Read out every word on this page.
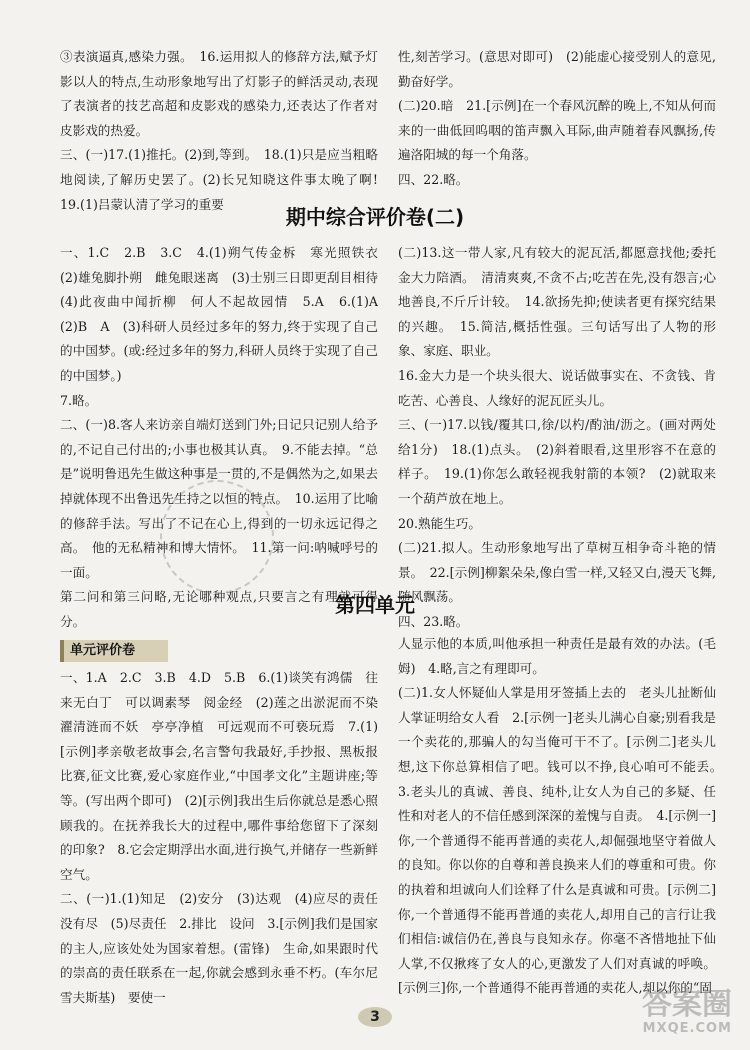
③表演逼真,感染力强。　16.运用拟人的修辞方法,赋予灯影以人的特点,生动形象地写出了灯影子的鲜活灵动,表现了表演者的技艺高超和皮影戏的感染力,还表达了作者对皮影戏的热爱。

三、(一)17.(1)推托。(2)到,等到。　18.(1)只是应当粗略地阅读,了解历史罢了。(2)长兄知晓这件事太晚了啊!　19.(1)吕蒙认清了学习的重要

性,刻苦学习。(意思对即可)　(2)能虚心接受别人的意见,勤奋好学。

(二)20.暗　21.[示例]在一个春风沉醉的晚上,不知从何而来的一曲低回呜咽的笛声飘入耳际,曲声随着春风飘扬,传遍洛阳城的每一个角落。

四、22.略。

期中综合评价卷(二)

一、1.C　2.B　3.C　4.(1)朔气传金柝　寒光照铁衣　(2)雄兔脚扑朔　雌兔眼迷离　(3)士别三日即更刮目相待　(4)此夜曲中闻折柳　何人不起故园情　5.A　6.(1)A　(2)B　A　(3)科研人员经过多年的努力,终于实现了自己的中国梦。(或:经过多年的努力,科研人员终于实现了自己的中国梦。)

7.略。

二、(一)8.客人来访亲自端灯送到门外;日记只记别人给予的,不记自己付出的;小事也极其认真。　9.不能去掉。“总是”说明鲁迅先生做这种事是一贯的,不是偶然为之,如果去掉就体现不出鲁迅先生持之以恒的特点。　10.运用了比喻的修辞手法。写出了不记在心上,得到的一切永远记得之高。　他的无私精神和博大情怀。　11.第一问:呐喊呼号的一面。

第二问和第三问略,无论哪种观点,只要言之有理就可得分。

(二)13.这一带人家,凡有较大的泥瓦活,都愿意找他;委托金大力陪酒。　清清爽爽,不贪不占;吃苦在先,没有怨言;心地善良,不斤斤计较。　14.欲扬先抑;使读者更有探究结果的兴趣。　15.简洁,概括性强。三句话写出了人物的形象、家庭、职业。

16.金大力是一个块头很大、说话做事实在、不贪钱、肯吃苦、心善良、人缘好的泥瓦匠头儿。

三、(一)17.以钱/覆其口,徐/以杓/酌油/沥之。(画对两处给1分)　18.(1)点头。　(2)斜着眼看,这里形容不在意的样子。　19.(1)你怎么敢轻视我射箭的本领?　(2)就取来一个葫芦放在地上。

20.熟能生巧。

(二)21.拟人。生动形象地写出了草树互相争奇斗艳的情景。　22.[示例]柳絮朵朵,像白雪一样,又轻又白,漫天飞舞,随风飘荡。

四、23.略。

第四单元
单元评价卷

一、1.A　2.C　3.B　4.D　5.B　6.(1)谈笑有鸿儒　往来无白丁　可以调素琴　阅金经　(2)莲之出淤泥而不染　濯清涟而不妖　亭亭净植　可远观而不可亵玩焉　7.(1)[示例]孝亲敬老故事会,名言警句我最好,手抄报、黑板报比赛,征文比赛,爱心家庭作业,“中国孝文化”主题讲座;等等。(写出两个即可)　(2)[示例]我出生后你就总是悉心照顾我的。在抚养我长大的过程中,哪件事给您留下了深刻的印象?　8.它会定期浮出水面,进行换气,并储存一些新鲜空气。

二、(一)1.(1)知足　(2)安分　(3)达观　(4)应尽的责任没有尽　(5)尽责任　2.排比　设问　3.[示例]我们是国家的主人,应该处处为国家着想。(雷锋)　生命,如果跟时代的崇高的责任联系在一起,你就会感到永垂不朽。(车尔尼雪夫斯基)　要使一

人显示他的本质,叫他承担一种责任是最有效的办法。(毛姆)　4.略,言之有理即可。

(二)1.女人怀疑仙人掌是用牙签插上去的　老头儿扯断仙人掌证明给女人看　2.[示例一]老头儿满心自豪;别看我是一个卖花的,那骗人的勾当俺可干不了。[示例二]老头儿想,这下你总算相信了吧。钱可以不挣,良心咱可不能丢。　3.老头儿的真诚、善良、纯朴,让女人为自己的多疑、任性和对老人的不信任感到深深的羞愧与自责。　4.[示例一]你,一个普通得不能再普通的卖花人,却倔强地坚守着做人的良知。你以你的自尊和善良换来人们的尊重和可贵。你的执着和坦诚向人们诠释了什么是真诚和可贵。[示例二]你,一个普通得不能再普通的卖花人,却用自己的言行让我们相信:诚信仍在,善良与良知永存。你毫不吝惜地扯下仙人掌,不仅揪疼了女人的心,更激发了人们对真诚的呼唤。[示例三]你,一个普通得不能再普通的卖花人,却以你的“固

3	答案圈
MXQE.COM
